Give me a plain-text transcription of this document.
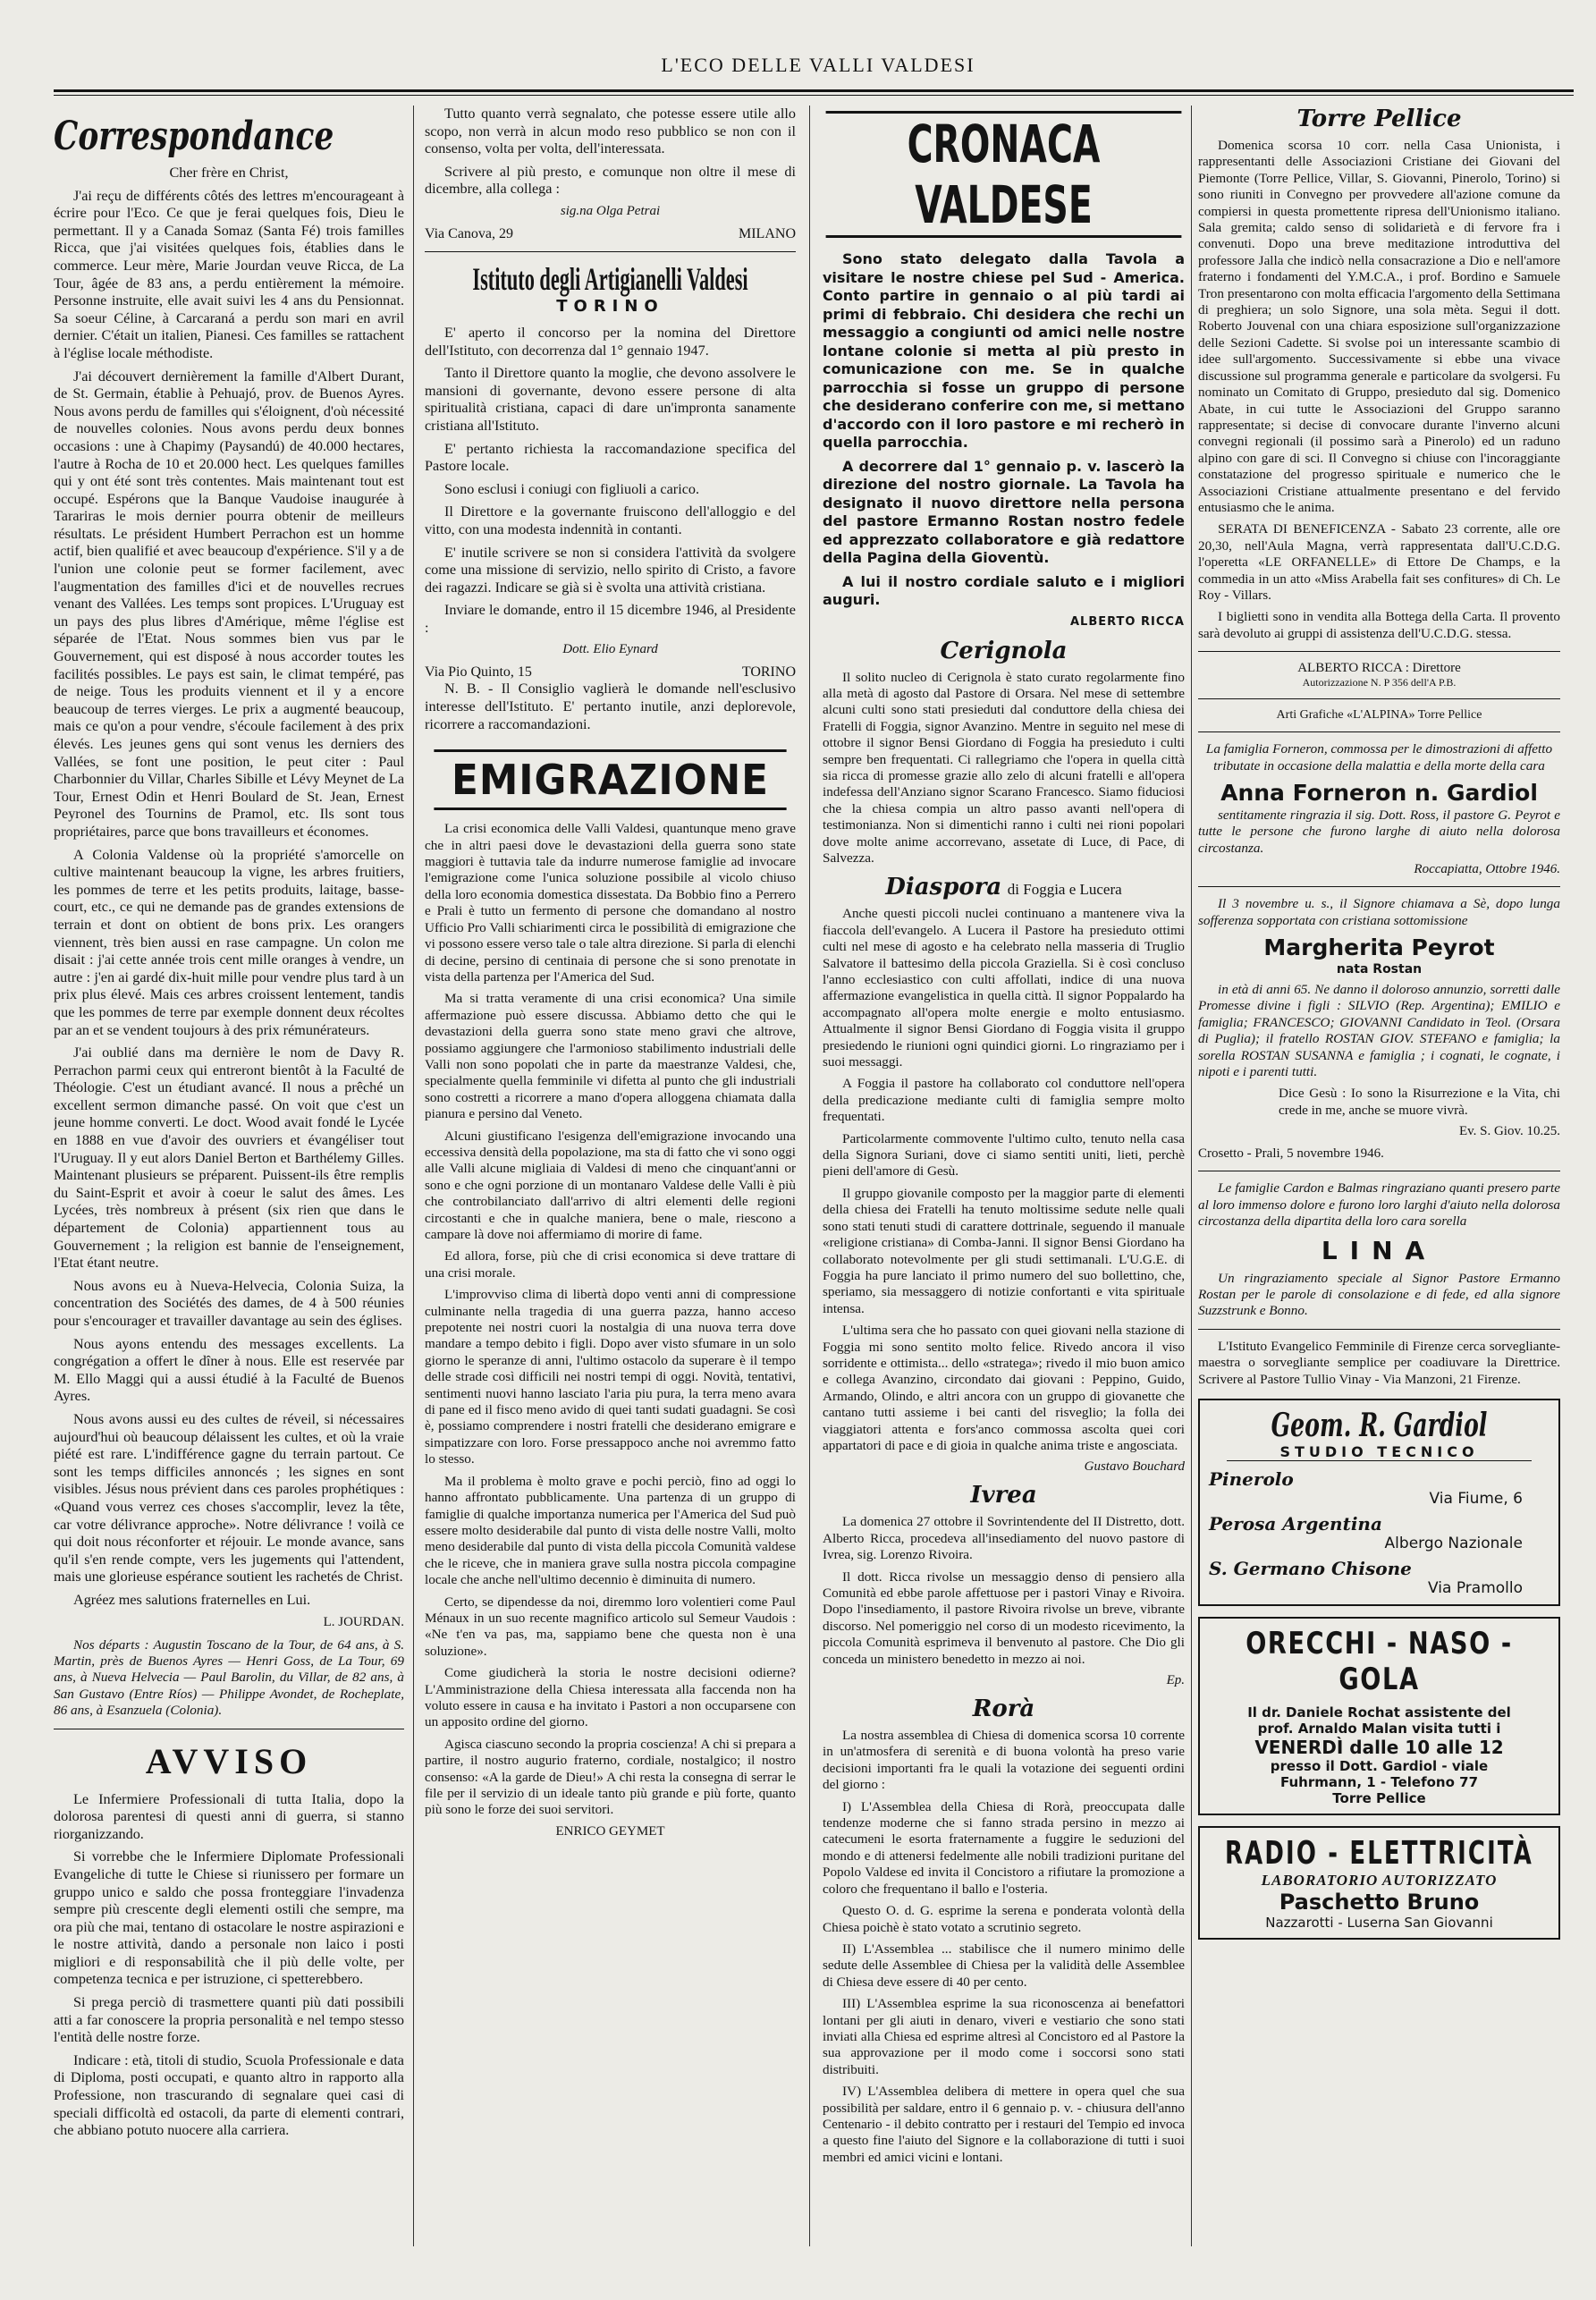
L'ECO DELLE VALLI VALDESI
Correspondance

Cher frère en Christ,

J'ai reçu de différents côtés des lettres m'encourageant à écrire pour l'Eco. Ce que je ferai quelques fois, Dieu le permettant. Il y a Canada Somaz (Santa Fé) trois familles Ricca, que j'ai visitées quelques fois, établies dans le commerce. Leur mère, Marie Jourdan veuve Ricca, de La Tour, âgée de 83 ans, a perdu entièrement la mémoire. Personne instruite, elle avait suivi les 4 ans du Pensionnat. Sa soeur Céline, à Carcaraná a perdu son mari en avril dernier. C'était un italien, Pianesi. Ces familles se rattachent à l'église locale méthodiste.

J'ai découvert dernièrement la famille d'Albert Durant, de St. Germain, établie à Pehuajó, prov. de Buenos Ayres. Nous avons perdu de familles qui s'éloignent, d'où nécessité de nouvelles colonies. Nous avons perdu deux bonnes occasions : une à Chapimy (Paysandú) de 40.000 hectares, l'autre à Rocha de 10 et 20.000 hect. Les quelques familles qui y ont été sont très contentes. Mais maintenant tout est occupé. Espérons que la Banque Vaudoise inaugurée à Tarariras le mois dernier pourra obtenir de meilleurs résultats. Le président Humbert Perrachon est un homme actif, bien qualifié et avec beaucoup d'expérience. S'il y a de l'union une colonie peut se former facilement, avec l'augmentation des familles d'ici et de nouvelles recrues venant des Vallées. Les temps sont propices. L'Uruguay est un pays des plus libres d'Amérique, même l'église est séparée de l'Etat. Nous sommes bien vus par le Gouvernement, qui est disposé à nous accorder toutes les facilités possibles. Le pays est sain, le climat tempéré, pas de neige. Tous les produits viennent et il y a encore beaucoup de terres vierges. Le prix a augmenté beaucoup, mais ce qu'on a pour vendre, s'écoule facilement à des prix élevés. Les jeunes gens qui sont venus les derniers des Vallées, se font une position, le peut citer : Paul Charbonnier du Villar, Charles Sibille et Lévy Meynet de La Tour, Ernest Odin et Henri Boulard de St. Jean, Ernest Peyronel des Tournins de Pramol, etc. Ils sont tous propriétaires, parce que bons travailleurs et économes.

A Colonia Valdense où la propriété s'amorcelle on cultive maintenant beaucoup la vigne, les arbres fruitiers, les pommes de terre et les petits produits, laitage, basse-court, etc., ce qui ne demande pas de grandes extensions de terrain et dont on obtient de bons prix. Les orangers viennent, très bien aussi en rase campagne. Un colon me disait : j'ai cette année trois cent mille oranges à vendre, un autre : j'en ai gardé dix-huit mille pour vendre plus tard à un prix plus élevé. Mais ces arbres croissent lentement, tandis que les pommes de terre par exemple donnent deux récoltes par an et se vendent toujours à des prix rémunérateurs.

J'ai oublié dans ma dernière le nom de Davy R. Perrachon parmi ceux qui entreront bientôt à la Faculté de Théologie. C'est un étudiant avancé. Il nous a prêché un excellent sermon dimanche passé. On voit que c'est un jeune homme converti. Le doct. Wood avait fondé le Lycée en 1888 en vue d'avoir des ouvriers et évangéliser tout l'Uruguay. Il y eut alors Daniel Berton et Barthélemy Gilles. Maintenant plusieurs se préparent. Puissent-ils être remplis du Saint-Esprit et avoir à coeur le salut des âmes. Les Lycées, très nombreux à présent (six rien que dans le département de Colonia) appartiennent tous au Gouvernement ; la religion est bannie de l'enseignement, l'Etat étant neutre.

Nous avons eu à Nueva-Helvecia, Colonia Suiza, la concentration des Sociétés des dames, de 4 à 500 réunies pour s'encourager et travailler davantage au sein des églises.

Nous ayons entendu des messages excellents. La congrégation a offert le dîner à nous. Elle est reservée par M. Ello Maggi qui a aussi étudié à la Faculté de Buenos Ayres.

Nous avons aussi eu des cultes de réveil, si nécessaires aujourd'hui où beaucoup délaissent les cultes, et où la vraie piété est rare. L'indifférence gagne du terrain partout. Ce sont les temps difficiles annoncés ; les signes en sont visibles. Jésus nous prévient dans ces paroles prophétiques : «Quand vous verrez ces choses s'accomplir, levez la tête, car votre délivrance approche». Notre délivrance ! voilà ce qui doit nous réconforter et réjouir. Le monde avance, sans qu'il s'en rende compte, vers les jugements qui l'attendent, mais une glorieuse espérance soutient les rachetés de Christ.

Agréez mes salutions fraternelles en Lui.

L. JOURDAN.

Nos départs : Augustin Toscano de la Tour, de 64 ans, à S. Martin, près de Buenos Ayres — Henri Goss, de La Tour, 69 ans, à Nueva Helvecia — Paul Barolin, du Villar, de 82 ans, à San Gustavo (Entre Ríos) — Philippe Avondet, de Rocheplate, 86 ans, à Esanzuela (Colonia).

AVVISO

Le Infermiere Professionali di tutta Italia, dopo la dolorosa parentesi di questi anni di guerra, si stanno riorganizzando.

Si vorrebbe che le Infermiere Diplomate Professionali Evangeliche di tutte le Chiese si riunissero per formare un gruppo unico e saldo che possa fronteggiare l'invadenza sempre più crescente degli elementi ostili che sempre, ma ora più che mai, tentano di ostacolare le nostre aspirazioni e le nostre attività, dando a personale non laico i posti migliori e di responsabilità che il più delle volte, per competenza tecnica e per istruzione, ci spetterebbero.

Si prega perciò di trasmettere quanti più dati possibili atti a far conoscere la propria personalità e nel tempo stesso l'entità delle nostre forze.

Indicare : età, titoli di studio, Scuola Professionale e data di Diploma, posti occupati, e quanto altro in rapporto alla Professione, non trascurando di segnalare quei casi di speciali difficoltà ed ostacoli, da parte di elementi contrari, che abbiano potuto nuocere alla carriera.

Tutto quanto verrà segnalato, che potesse essere utile allo scopo, non verrà in alcun modo reso pubblico se non con il consenso, volta per volta, dell'interessata.

Scrivere al più presto, e comunque non oltre il mese di dicembre, alla collega :

sig.na Olga Petrai
Via Canova, 29	MILANO
Istituto degli Artigianelli Valdesi
TORINO

E' aperto il concorso per la nomina del Direttore dell'Istituto, con decorrenza dal 1° gennaio 1947.

Tanto il Direttore quanto la moglie, che devono assolvere le mansioni di governante, devono essere persone di alta spiritualità cristiana, capaci di dare un'impronta sanamente cristiana all'Istituto.

E' pertanto richiesta la raccomandazione specifica del Pastore locale.

Sono esclusi i coniugi con figliuoli a carico.

Il Direttore e la governante fruiscono dell'alloggio e del vitto, con una modesta indennità in contanti.

E' inutile scrivere se non si considera l'attività da svolgere come una missione di servizio, nello spirito di Cristo, a favore dei ragazzi. Indicare se già si è svolta una attività cristiana.

Inviare le domande, entro il 15 dicembre 1946, al Presidente :

Dott. Elio Eynard
Via Pio Quinto, 15	TORINO

N. B. - Il Consiglio vaglierà le domande nell'esclusivo interesse dell'Istituto. E' pertanto inutile, anzi deplorevole, ricorrere a raccomandazioni.

EMIGRAZIONE

La crisi economica delle Valli Valdesi, quantunque meno grave che in altri paesi dove le devastazioni della guerra sono state maggiori è tuttavia tale da indurre numerose famiglie ad invocare l'emigrazione come l'unica soluzione possibile al vicolo chiuso della loro economia domestica dissestata. Da Bobbio fino a Perrero e Prali è tutto un fermento di persone che domandano al nostro Ufficio Pro Valli schiarimenti circa le possibilità di emigrazione che vi possono essere verso tale o tale altra direzione. Si parla di elenchi di decine, persino di centinaia di persone che si sono prenotate in vista della partenza per l'America del Sud.

Ma si tratta veramente di una crisi economica? Una simile affermazione può essere discussa. Abbiamo detto che qui le devastazioni della guerra sono state meno gravi che altrove, possiamo aggiungere che l'armonioso stabilimento industriali delle Valli non sono popolati che in parte da maestranze Valdesi, che, specialmente quella femminile vi difetta al punto che gli industriali sono costretti a ricorrere a mano d'opera alloggena chiamata dalla pianura e persino dal Veneto.

Alcuni giustificano l'esigenza dell'emigrazione invocando una eccessiva densità della popolazione, ma sta di fatto che vi sono oggi alle Valli alcune migliaia di Valdesi di meno che cinquant'anni or sono e che ogni porzione di un montanaro Valdese delle Valli è più che controbilanciato dall'arrivo di altri elementi delle regioni circostanti e che in qualche maniera, bene o male, riescono a campare là dove noi affermiamo di morire di fame.

Ed allora, forse, più che di crisi economica si deve trattare di una crisi morale.

L'improvviso clima di libertà dopo venti anni di compressione culminante nella tragedia di una guerra pazza, hanno acceso prepotente nei nostri cuori la nostalgia di una nuova terra dove mandare a tempo debito i figli. Dopo aver visto sfumare in un solo giorno le speranze di anni, l'ultimo ostacolo da superare è il tempo delle strade così difficili nei nostri tempi di oggi. Novità, tentativi, sentimenti nuovi hanno lasciato l'aria piu pura, la terra meno avara di pane ed il fisco meno avido di quei tanti sudati guadagni. Se così è, possiamo comprendere i nostri fratelli che desiderano emigrare e simpatizzare con loro. Forse pressappoco anche noi avremmo fatto lo stesso.

Ma il problema è molto grave e pochi perciò, fino ad oggi lo hanno affrontato pubblicamente. Una partenza di un gruppo di famiglie di qualche importanza numerica per l'America del Sud può essere molto desiderabile dal punto di vista delle nostre Valli, molto meno desiderabile dal punto di vista della piccola Comunità valdese che le riceve, che in maniera grave sulla nostra piccola compagine locale che anche nell'ultimo decennio è diminuita di numero.

Certo, se dipendesse da noi, diremmo loro volentieri come Paul Ménaux in un suo recente magnifico articolo sul Semeur Vaudois : «Ne t'en va pas, ma, sappiamo bene che questa non è una soluzione».

Come giudicherà la storia le nostre decisioni odierne? L'Amministrazione della Chiesa interessata alla faccenda non ha voluto essere in causa e ha invitato i Pastori a non occuparsene con un apposito ordine del giorno.

Agisca ciascuno secondo la propria coscienza! A chi si prepara a partire, il nostro augurio fraterno, cordiale, nostalgico; il nostro consenso: «A la garde de Dieu!» A chi resta la consegna di serrar le file per il servizio di un ideale tanto più grande e più forte, quanto più sono le forze dei suoi servitori.

ENRICO GEYMET
CRONACA VALDESE

Sono stato delegato dalla Tavola a visitare le nostre chiese pel Sud - America. Conto partire in gennaio o al più tardi ai primi di febbraio. Chi desidera che rechi un messaggio a congiunti od amici nelle nostre lontane colonie si metta al più presto in comunicazione con me. Se in qualche parrocchia si fosse un gruppo di persone che desiderano conferire con me, si mettano d'accordo con il loro pastore e mi recherò in quella parrocchia.

A decorrere dal 1° gennaio p. v. lascerò la direzione del nostro giornale. La Tavola ha designato il nuovo direttore nella persona del pastore Ermanno Rostan nostro fedele ed apprezzato collaboratore e già redattore della Pagina della Gioventù.

A lui il nostro cordiale saluto e i migliori auguri.

ALBERTO RICCA
Cerignola

Il solito nucleo di Cerignola è stato curato regolarmente fino alla metà di agosto dal Pastore di Orsara. Nel mese di settembre alcuni culti sono stati presieduti dal conduttore della chiesa dei Fratelli di Foggia, signor Avanzino. Mentre in seguito nel mese di ottobre il signor Bensi Giordano di Foggia ha presieduto i culti sempre ben frequentati. Ci rallegriamo che l'opera in quella città sia ricca di promesse grazie allo zelo di alcuni fratelli e all'opera indefessa dell'Anziano signor Scarano Francesco. Siamo fiduciosi che la chiesa compia un altro passo avanti nell'opera di testimonianza. Non si dimentichi ranno i culti nei rioni popolari dove molte anime accorrevano, assetate di Luce, di Pace, di Salvezza.

Diaspora di Foggia e Lucera

Anche questi piccoli nuclei continuano a mantenere viva la fiaccola dell'evangelo. A Lucera il Pastore ha presieduto ottimi culti nel mese di agosto e ha celebrato nella masseria di Truglio Salvatore il battesimo della piccola Graziella. Si è così concluso l'anno ecclesiastico con culti affollati, indice di una nuova affermazione evangelistica in quella città. Il signor Poppalardo ha accompagnato all'opera molte energie e molto entusiasmo. Attualmente il signor Bensi Giordano di Foggia visita il gruppo presiedendo le riunioni ogni quindici giorni. Lo ringraziamo per i suoi messaggi.

A Foggia il pastore ha collaborato col conduttore nell'opera della predicazione mediante culti di famiglia sempre molto frequentati.

Particolarmente commovente l'ultimo culto, tenuto nella casa della Signora Suriani, dove ci siamo sentiti uniti, lieti, perchè pieni dell'amore di Gesù.

Il gruppo giovanile composto per la maggior parte di elementi della chiesa dei Fratelli ha tenuto moltissime sedute nelle quali sono stati tenuti studi di carattere dottrinale, seguendo il manuale «religione cristiana» di Comba-Janni. Il signor Bensi Giordano ha collaborato notevolmente per gli studi settimanali. L'U.G.E. di Foggia ha pure lanciato il primo numero del suo bollettino, che, speriamo, sia messaggero di notizie confortanti e vita spirituale intensa.

L'ultima sera che ho passato con quei giovani nella stazione di Foggia mi sono sentito molto felice. Rivedo ancora il viso sorridente e ottimista... dello «stratega»; rivedo il mio buon amico e collega Avanzino, circondato dai giovani : Peppino, Guido, Armando, Olindo, e altri ancora con un gruppo di giovanette che cantano tutti assieme i bei canti del risveglio; la folla dei viaggiatori attenta e fors'anco commossa ascolta quei cori appartatori di pace e di gioia in qualche anima triste e angosciata.

Gustavo Bouchard
Ivrea

La domenica 27 ottobre il Sovrintendente del II Distretto, dott. Alberto Ricca, procedeva all'insediamento del nuovo pastore di Ivrea, sig. Lorenzo Rivoira.

Il dott. Ricca rivolse un messaggio denso di pensiero alla Comunità ed ebbe parole affettuose per i pastori Vinay e Rivoira. Dopo l'insediamento, il pastore Rivoira rivolse un breve, vibrante discorso. Nel pomeriggio nel corso di un modesto ricevimento, la piccola Comunità esprimeva il benvenuto al pastore. Che Dio gli conceda un ministero benedetto in mezzo ai noi.

Ep.
Rorà

La nostra assemblea di Chiesa di domenica scorsa 10 corrente in un'atmosfera di serenità e di buona volontà ha preso varie decisioni importanti fra le quali la votazione dei seguenti ordini del giorno :

I) L'Assemblea della Chiesa di Rorà, preoccupata dalle tendenze moderne che si fanno strada persino in mezzo ai catecumeni le esorta fraternamente a fuggire le seduzioni del mondo e di attenersi fedelmente alle nobili tradizioni puritane del Popolo Valdese ed invita il Concistoro a rifiutare la promozione a coloro che frequentano il ballo e l'osteria.

Questo O. d. G. esprime la serena e ponderata volontà della Chiesa poichè è stato votato a scrutinio segreto.

II) L'Assemblea ... stabilisce che il numero minimo delle sedute delle Assemblee di Chiesa per la validità delle Assemblee di Chiesa deve essere di 40 per cento.

III) L'Assemblea esprime la sua riconoscenza ai benefattori lontani per gli aiuti in denaro, viveri e vestiario che sono stati inviati alla Chiesa ed esprime altresì al Concistoro ed al Pastore la sua approvazione per il modo come i soccorsi sono stati distribuiti.

IV) L'Assemblea delibera di mettere in opera quel che sua possibilità per saldare, entro il 6 gennaio p. v. - chiusura dell'anno Centenario - il debito contratto per i restauri del Tempio ed invoca a questo fine l'aiuto del Signore e la collaborazione di tutti i suoi membri ed amici vicini e lontani.

Torre Pellice

Domenica scorsa 10 corr. nella Casa Unionista, i rappresentanti delle Associazioni Cristiane dei Giovani del Piemonte (Torre Pellice, Villar, S. Giovanni, Pinerolo, Torino) si sono riuniti in Convegno per provvedere all'azione comune da compiersi in questa promettente ripresa dell'Unionismo italiano. Sala gremita; caldo senso di solidarietà e di fervore fra i convenuti. Dopo una breve meditazione introduttiva del professore Jalla che indicò nella consacrazione a Dio e nell'amore fraterno i fondamenti del Y.M.C.A., i prof. Bordino e Samuele Tron presentarono con molta efficacia l'argomento della Settimana di preghiera; un solo Signore, una sola mèta. Segui il dott. Roberto Jouvenal con una chiara esposizione sull'organizzazione delle Sezioni Cadette. Si svolse poi un interessante scambio di idee sull'argomento. Successivamente si ebbe una vivace discussione sul programma generale e particolare da svolgersi. Fu nominato un Comitato di Gruppo, presieduto dal sig. Domenico Abate, in cui tutte le Associazioni del Gruppo saranno rappresentate; si decise di convocare durante l'inverno alcuni convegni regionali (il possimo sarà a Pinerolo) ed un raduno alpino con gare di sci. Il Convegno si chiuse con l'incoraggiante constatazione del progresso spirituale e numerico che le Associazioni Cristiane attualmente presentano e del fervido entusiasmo che le anima.

SERATA DI BENEFICENZA - Sabato 23 corrente, alle ore 20,30, nell'Aula Magna, verrà rappresentata dall'U.C.D.G. l'operetta «LE ORFANELLE» di Ettore De Champs, e la commedia in un atto «Miss Arabella fait ses confitures» di Ch. Le Roy - Villars.

I biglietti sono in vendita alla Bottega della Carta. Il provento sarà devoluto ai gruppi di assistenza dell'U.C.D.G. stessa.

ALBERTO RICCA : Direttore
Autorizzazione N. P 356 dell'A P.B.
Arti Grafiche «L'ALPINA» Torre Pellice

La famiglia Forneron, commossa per le dimostrazioni di affetto tributate in occasione della malattia e della morte della cara

Anna Forneron n. Gardiol

sentitamente ringrazia il sig. Dott. Ross, il pastore G. Peyrot e tutte le persone che furono larghe di aiuto nella dolorosa circostanza.

Roccapiatta, Ottobre 1946.

Il 3 novembre u. s., il Signore chiamava a Sè, dopo lunga sofferenza sopportata con cristiana sottomissione

Margherita Peyrot
nata Rostan

in età di anni 65. Ne danno il doloroso annunzio, sorretti dalle Promesse divine i figli : SILVIO (Rep. Argentina); EMILIO e famiglia; FRANCESCO; GIOVANNI Candidato in Teol. (Orsara di Puglia); il fratello ROSTAN GIOV. STEFANO e famiglia; la sorella ROSTAN SUSANNA e famiglia ; i cognati, le cognate, i nipoti e i parenti tutti.

Dice Gesù : Io sono la Risurrezione e la Vita, chi crede in me, anche se muore vivrà.

Ev. S. Giov. 10.25.
Crosetto - Prali, 5 novembre 1946.

Le famiglie Cardon e Balmas ringraziano quanti presero parte al loro immenso dolore e furono loro larghi d'aiuto nella dolorosa circostanza della dipartita della loro cara sorella

LINA

Un ringraziamento speciale al Signor Pastore Ermanno Rostan per le parole di consolazione e di fede, ed alla signore Suzzstrunk e Bonno.

L'Istituto Evangelico Femminile di Firenze cerca sorvegliante-maestra o sorvegliante semplice per coadiuvare la Direttrice. Scrivere al Pastore Tullio Vinay - Via Manzoni, 21 Firenze.

Geom. R. Gardiol
STUDIO TECNICO
Pinerolo
Via Fiume, 6
Perosa Argentina
Albergo Nazionale
S. Germano Chisone
Via Pramollo
ORECCHI - NASO - GOLA
Il dr. Daniele Rochat assistente del
prof. Arnaldo Malan visita tutti i
VENERDÌ dalle 10 alle 12
presso il Dott. Gardiol - viale
Fuhrmann, 1 - Telefono 77
Torre Pellice
RADIO - ELETTRICITÀ
LABORATORIO AUTORIZZATO
Paschetto Bruno
Nazzarotti - Luserna San Giovanni
